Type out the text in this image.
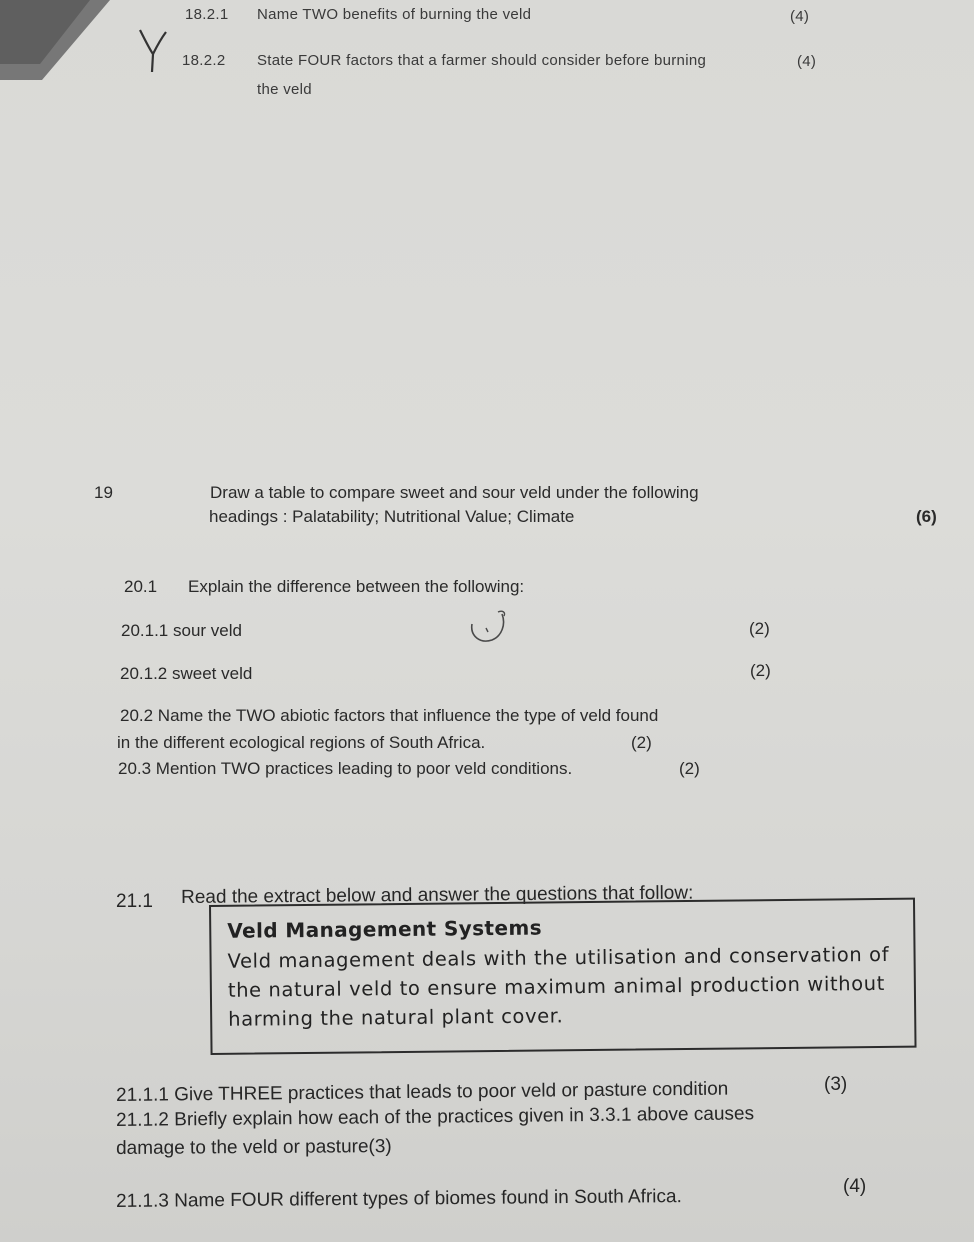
18.2.1 Name TWO benefits of burning the veld	(4)
18.2.2 State FOUR factors that a farmer should consider before burning	(4)
the veld
19	Draw a table to compare sweet and sour veld under the following
headings : Palatability; Nutritional Value; Climate	(6)
20.1 Explain the difference between the following:
20.1.1 sour veld	(2)
20.1.2 sweet veld	(2)
20.2 Name the TWO abiotic factors that influence the type of veld found
in the different ecological regions of South Africa.	(2)
20.3 Mention TWO practices leading to poor veld conditions.	(2)
21.1 Read the extract below and answer the questions that follow:
Veld Management Systems
Veld management deals with the utilisation and conservation of the natural veld to ensure maximum animal production without harming the natural plant cover.
21.1.1 Give THREE practices that leads to poor veld or pasture condition	(3)
21.1.2 Briefly explain how each of the practices given in 3.3.1 above causes
damage to the veld or pasture(3)
21.1.3 Name FOUR different types of biomes found in South Africa.	(4)
